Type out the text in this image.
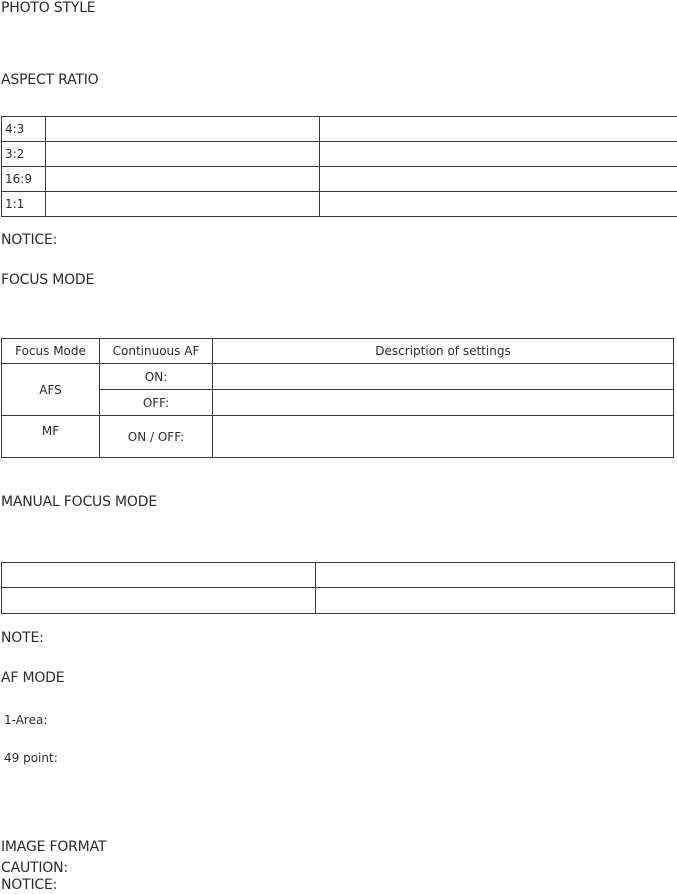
PHOTO STYLE
ASPECT RATIO
4:3		
3:2		
16:9		
1:1		
NOTICE:
FOCUS MODE
Focus Mode	Continuous AF	Description of settings
AFS	ON:	
	OFF:	
MF	ON / OFF:	
MANUAL FOCUS MODE

NOTE:
AF MODE
1-Area:
49 point:
IMAGE FORMAT
CAUTION:
NOTICE:
